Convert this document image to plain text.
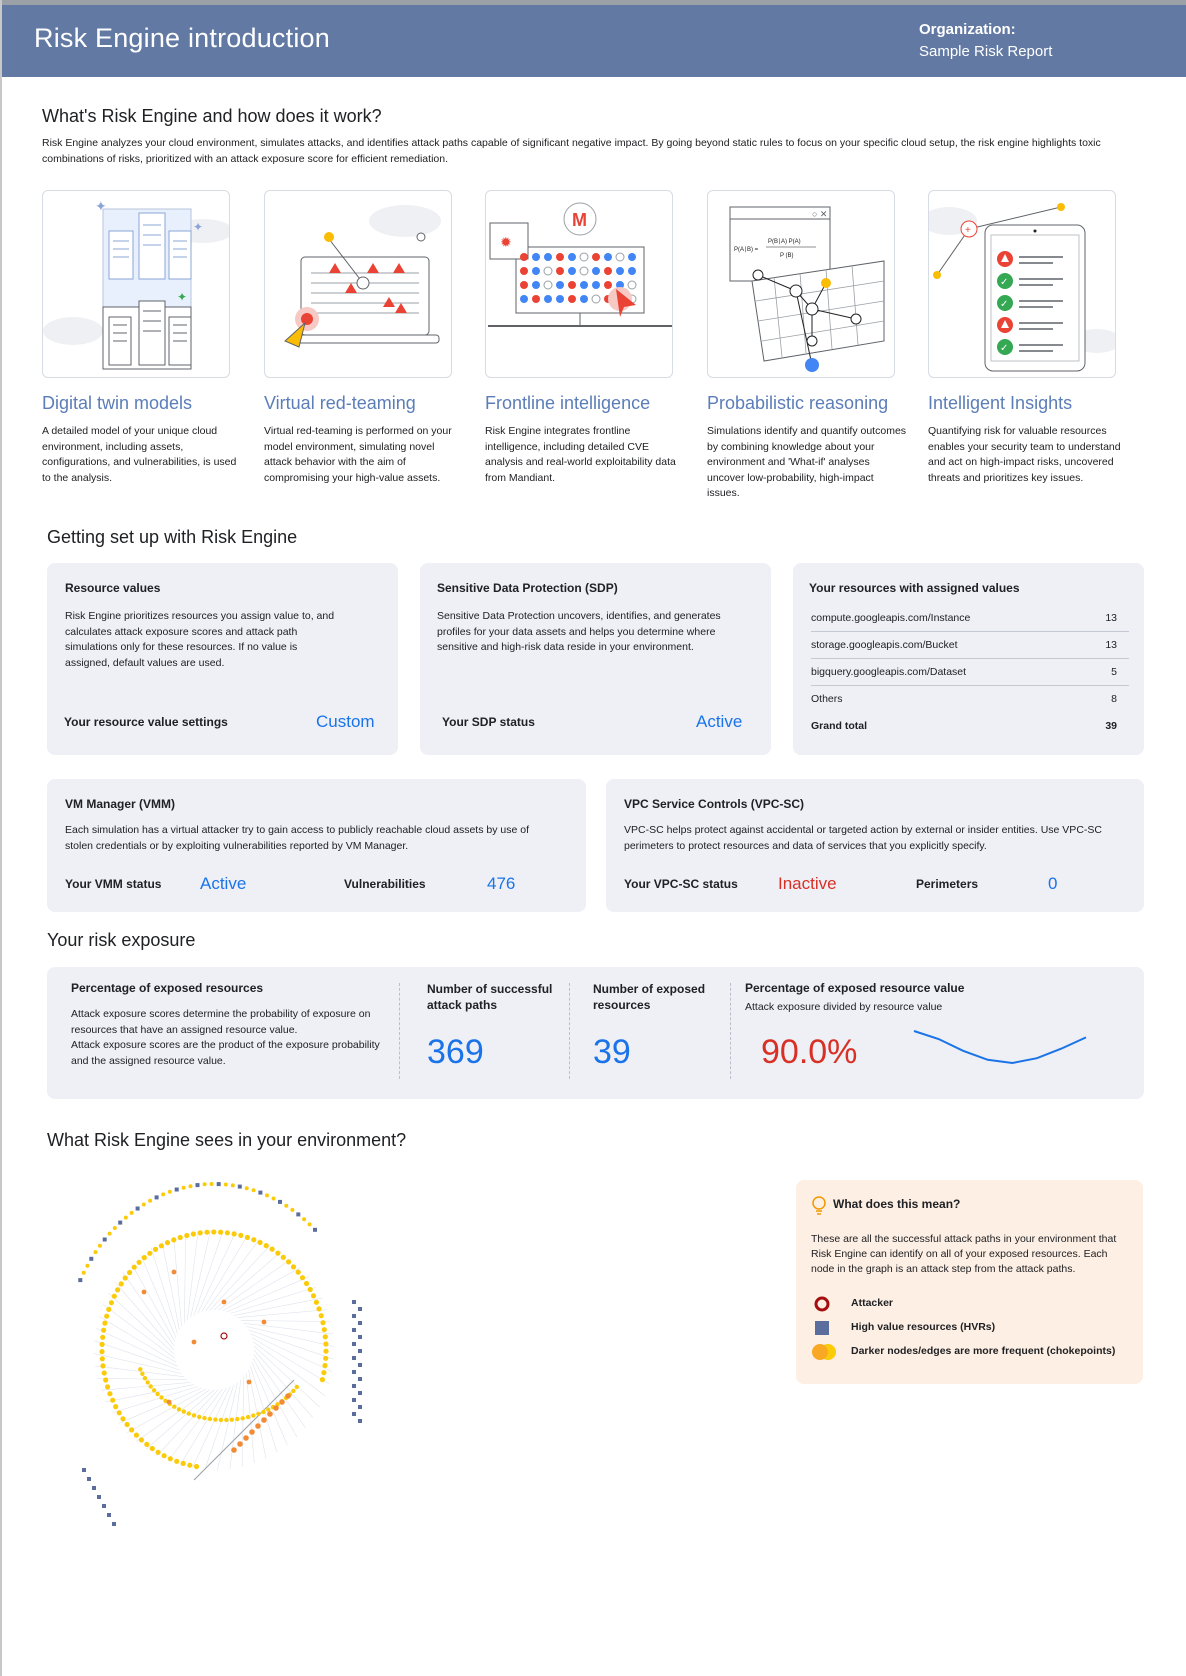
Risk Engine introduction	Organization:
Sample Risk Report
What's Risk Engine and how does it work?
Risk Engine analyzes your cloud environment, simulates attacks, and identifies attack paths capable of significant negative impact. By going beyond static rules to focus on your specific cloud setup, the risk engine highlights toxic combinations of risks, prioritized with an attack exposure score for efficient remediation.
✦
✦
✦
Digital twin models
A detailed model of your unique cloud environment, including assets, configurations, and vulnerabilities, is used to the analysis.
Virtual red-teaming
Virtual red-teaming is performed on your model environment, simulating novel attack behavior with the aim of compromising your high-value assets.
M
✹
Frontline intelligence
Risk Engine integrates frontline intelligence, including detailed CVE analysis and real-world exploitability data from Mandiant.
○ ✕
P(A∣B) =
P(B∣A) P(A)
P (B)
Probabilistic reasoning
Simulations identify and quantify outcomes by combining knowledge about your environment and 'What-if' analyses uncover low-probability, high-impact issues.
+
✓
✓
✓
Intelligent Insights
Quantifying risk for valuable resources enables your security team to understand and act on high-impact risks, uncovered threats and prioritizes key issues.
Getting set up with Risk Engine
Resource values
Risk Engine prioritizes resources you assign value to, and calculates attack exposure scores and attack path simulations only for these resources. If no value is assigned, default values are used.
Your resource value settings	Custom
Sensitive Data Protection (SDP)
Sensitive Data Protection uncovers, identifies, and generates profiles for your data assets and helps you determine where sensitive and high-risk data reside in your environment.
Your SDP status	Active
Your resources with assigned values
compute.googleapis.com/Instance	13
storage.googleapis.com/Bucket	13
bigquery.googleapis.com/Dataset	5
Others	8
Grand total	39
VM Manager (VMM)
Each simulation has a virtual attacker try to gain access to publicly reachable cloud assets by use of stolen credentials or by exploiting vulnerabilities reported by VM Manager.
Your VMM status Active	Vulnerabilities	476
VPC Service Controls (VPC-SC)
VPC-SC helps protect against accidental or targeted action by external or insider entities. Use VPC-SC perimeters to protect resources and data of services that you explicitly specify.
Your VPC-SC status Inactive	Perimeters	0
Your risk exposure
Percentage of exposed resources
Attack exposure scores determine the probability of exposure on resources that have an assigned resource value.
Attack exposure scores are the product of the exposure probability and the assigned resource value.
Number of successful attack paths
369
Number of exposed resources
39
Percentage of exposed resource value
Attack exposure divided by resource value
90.0%
What Risk Engine sees in your environment?
What does this mean?
These are all the successful attack paths in your environment that Risk Engine can identify on all of your exposed resources. Each node in the graph is an attack step from the attack paths.
Attacker
High value resources (HVRs)
Darker nodes/edges are more frequent (chokepoints)
